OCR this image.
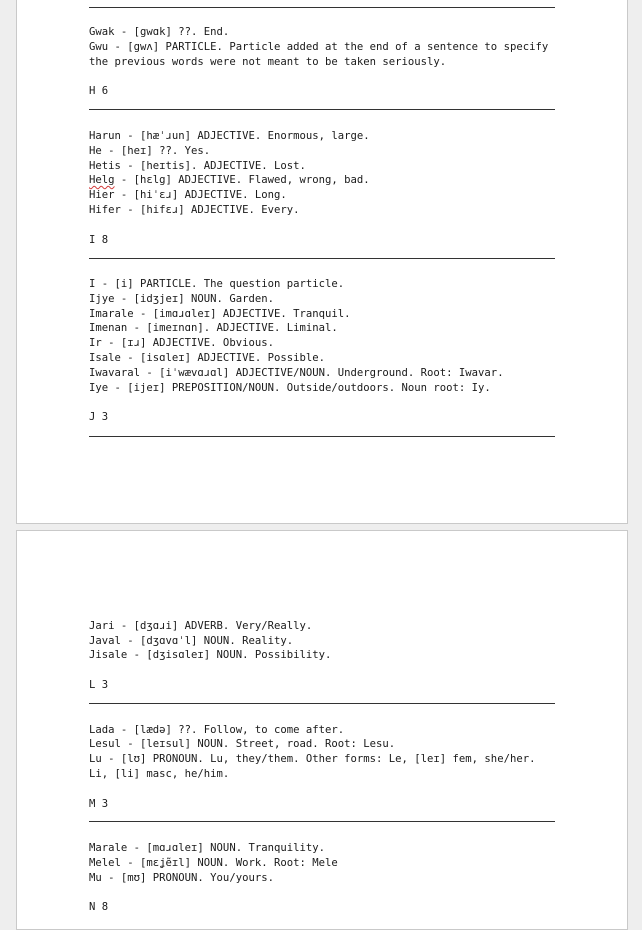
Gwak - [gwɑk] ??. End.
Gwu - [gwʌ] PARTICLE. Particle added at the end of a sentence to specify the previous words were not meant to be taken seriously.
H 6
Harun - [hæˈɹun] ADJECTIVE. Enormous, large.
He - [heɪ] ??. Yes.
Hetis - [heɪtis]. ADJECTIVE. Lost.
Helg - [hɛlg] ADJECTIVE. Flawed, wrong, bad.
Hier - [hiˈɛɹ] ADJECTIVE. Long.
Hifer - [hifɛɹ] ADJECTIVE. Every.
I 8
I - [i] PARTICLE. The question particle.
Ijye - [idʒjeɪ] NOUN. Garden.
Imarale - [imɑɹɑleɪ] ADJECTIVE. Tranquil.
Imenan - [imeɪnɑn]. ADJECTIVE. Liminal.
Ir - [ɪɹ] ADJECTIVE. Obvious.
Isale - [isɑleɪ] ADJECTIVE. Possible.
Iwavaral - [iˈwævɑɹɑl] ADJECTIVE/NOUN. Underground. Root: Iwavar.
Iye - [ijeɪ] PREPOSITION/NOUN. Outside/outdoors. Noun root: Iy.
J 3
Jari - [dʒɑɹi] ADVERB. Very/Really.
Javal - [dʒɑvɑˈl] NOUN. Reality.
Jisale - [dʒisɑleɪ] NOUN. Possibility.
L 3
Lada - [lædə] ??. Follow, to come after.
Lesul - [leɪsul] NOUN. Street, road. Root: Lesu.
Lu - [lʊ] PRONOUN. Lu, they/them. Other forms: Le, [leɪ] fem, she/her. Li, [li] masc, he/him.
M 3
Marale - [mɑɹɑleɪ] NOUN. Tranquility.
Melel - [mɛʝ̃eɪl] NOUN. Work. Root: Mele
Mu - [mʊ] PRONOUN. You/yours.
N 8
